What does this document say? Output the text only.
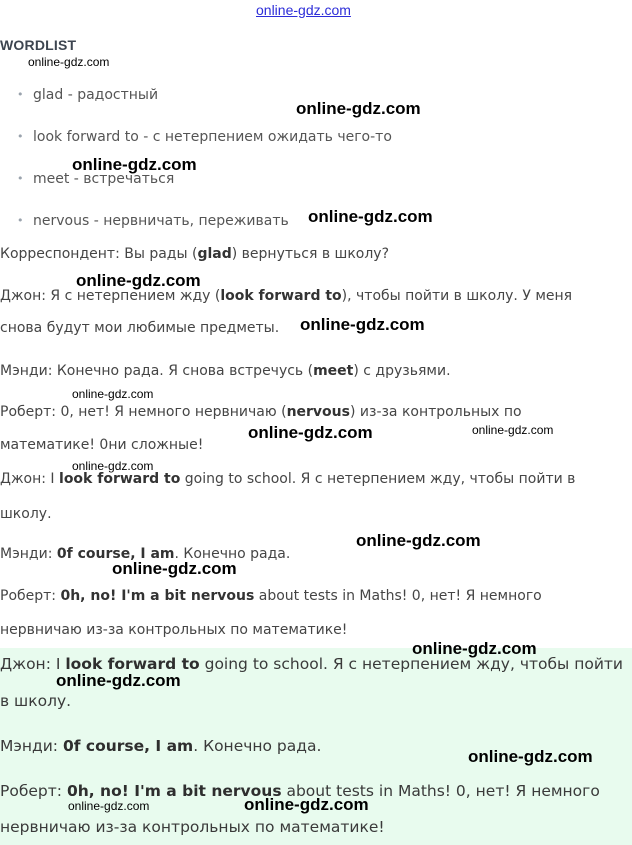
online-gdz.com
WORDLIST
• glad - радостный
• look forward to - с нетерпением ожидать чего-то
• meet - встречаться
• nervous - нервничать, переживать
Корреспондент: Вы рады (glad) вернуться в школу?
Джон: Я с нетерпением жду (look forward to), чтобы пойти в школу. У меня
снова будут мои любимые предметы.
Мэнди: Конечно рада. Я снова встречусь (meet) с друзьями.
Роберт: 0, нет! Я немного нервничаю (nervous) из-за контрольных по
математике! 0ни сложные!
Джон: I look forward to going to school. Я с нетерпением жду, чтобы пойти в
школу.
Мэнди: 0f course, I am. Конечно рада.
Роберт: 0h, no! I'm a bit nervous about tests in Maths! 0, нет! Я немного
нервничаю из-за контрольных по математике!
Джон: I look forward to going to school. Я с нетерпением жду, чтобы пойти
в школу.
Мэнди: 0f course, I am. Конечно рада.
Роберт: 0h, no! I'm a bit nervous about tests in Maths! 0, нет! Я немного
нервничаю из-за контрольных по математике!
online-gdz.com
online-gdz.com
online-gdz.com
online-gdz.com
online-gdz.com
online-gdz.com
online-gdz.com
online-gdz.com
online-gdz.com
online-gdz.com
online-gdz.com
online-gdz.com
online-gdz.com
online-gdz.com
online-gdz.com
online-gdz.com	online-gdz.com
